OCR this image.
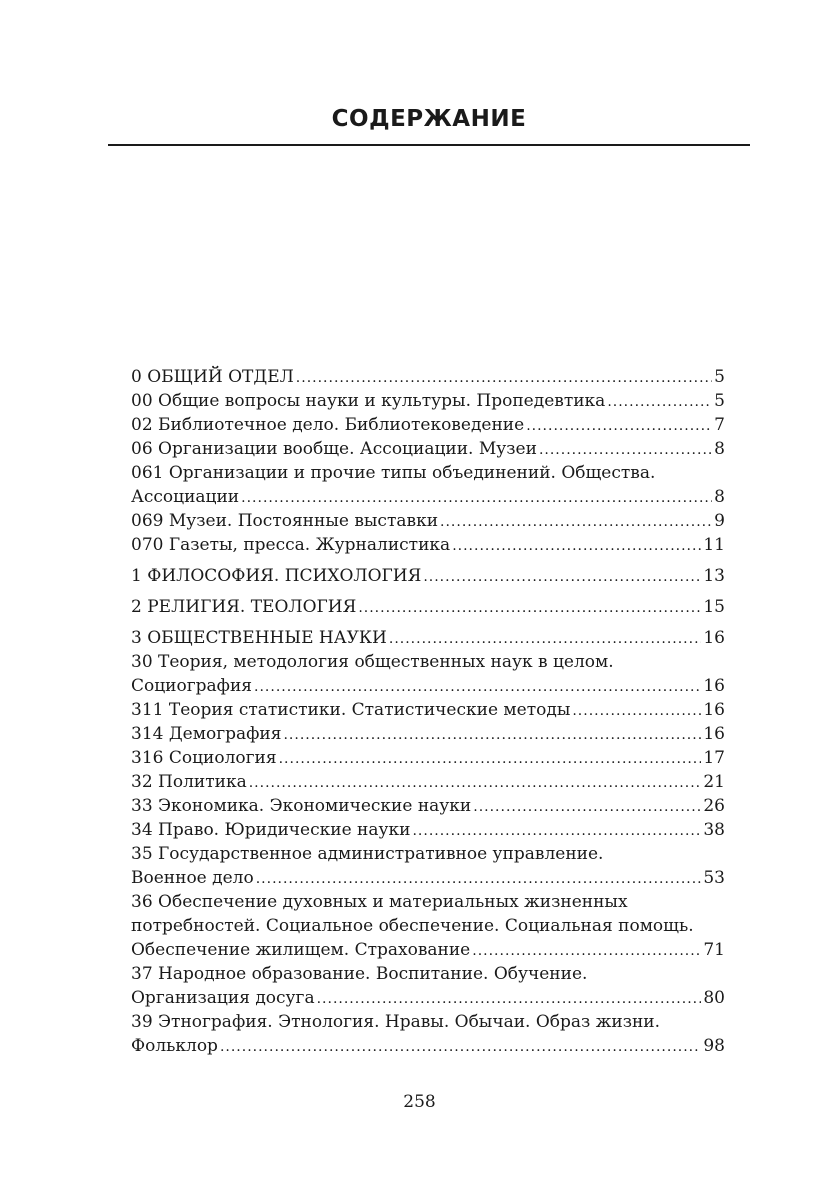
СОДЕРЖАНИЕ
0 ОБЩИЙ ОТДЕЛ .....	5
00 Общие вопросы науки и культуры. Пропедевтика .....	5
02 Библиотечное дело. Библиотековедение .....	7
06 Организации вообще. Ассоциации. Музеи .....	8
061 Организации и прочие типы объединений. Общества.
Ассоциации .....	8
069 Музеи. Постоянные выставки .....	9
070 Газеты, пресса. Журналистика .....	11
1 ФИЛОСОФИЯ. ПСИХОЛОГИЯ .....	13
2 РЕЛИГИЯ. ТЕОЛОГИЯ .....	15
3 ОБЩЕСТВЕННЫЕ НАУКИ .....	16
30 Теория, методология общественных наук в целом.
Социография .....	16
311 Теория статистики. Статистические методы .....	16
314 Демография .....	16
316 Социология .....	17
32 Политика .....	21
33 Экономика. Экономические науки .....	26
34 Право. Юридические науки .....	38
35 Государственное административное управление.
Военное дело .....	53
36 Обеспечение духовных и материальных жизненных
потребностей. Социальное обеспечение. Социальная помощь.
Обеспечение жилищем. Страхование .....	71
37 Народное образование. Воспитание. Обучение.
Организация досуга .....	80
39 Этнография. Этнология. Нравы. Обычаи. Образ жизни.
Фольклор .....	98
258
